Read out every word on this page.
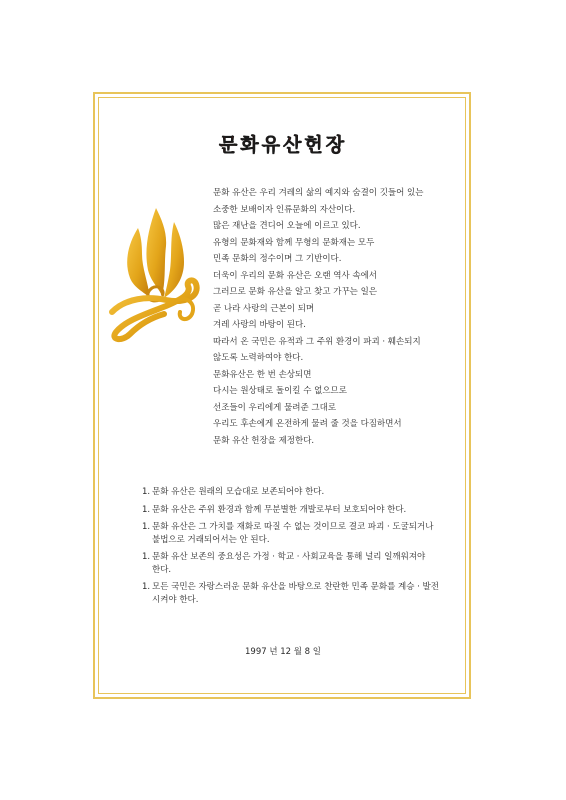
문화유산헌장
문화 유산은 우리 겨레의 삶의 예지와 숨결이 깃들어 있는
소중한 보배이자 인류문화의 자산이다.
많은 재난을 견디어 오늘에 이르고 있다.
유형의 문화재와 함께 무형의 문화재는 모두
민족 문화의 정수이며 그 기반이다.
더욱이 우리의 문화 유산은 오랜 역사 속에서
그러므로 문화 유산을 알고 찾고 가꾸는 일은
곧 나라 사랑의 근본이 되며
겨레 사랑의 바탕이 된다.
따라서 온 국민은 유적과 그 주위 환경이 파괴 · 훼손되지
않도록 노력하여야 한다.
문화유산은 한 번 손상되면
다시는 원상태로 돌이킬 수 없으므로
선조들이 우리에게 물려준 그대로
우리도 후손에게 온전하게 물려 줄 것을 다짐하면서
문화 유산 헌장을 제정한다.
1. 문화 유산은 원래의 모습대로 보존되어야 한다.
1. 문화 유산은 주위 환경과 함께 무분별한 개발로부터 보호되어야 한다.
1. 문화 유산은 그 가치를 재화로 따질 수 없는 것이므로 결코 파괴 · 도굴되거나
불법으로 거래되어서는 안 된다.
1. 문화 유산 보존의 중요성은 가정 · 학교 · 사회교육을 통해 널리 일깨워져야
한다.
1. 모든 국민은 자랑스러운 문화 유산을 바탕으로 찬란한 민족 문화를 계승 · 발전
시켜야 한다.

1997 년 12 월 8 일
